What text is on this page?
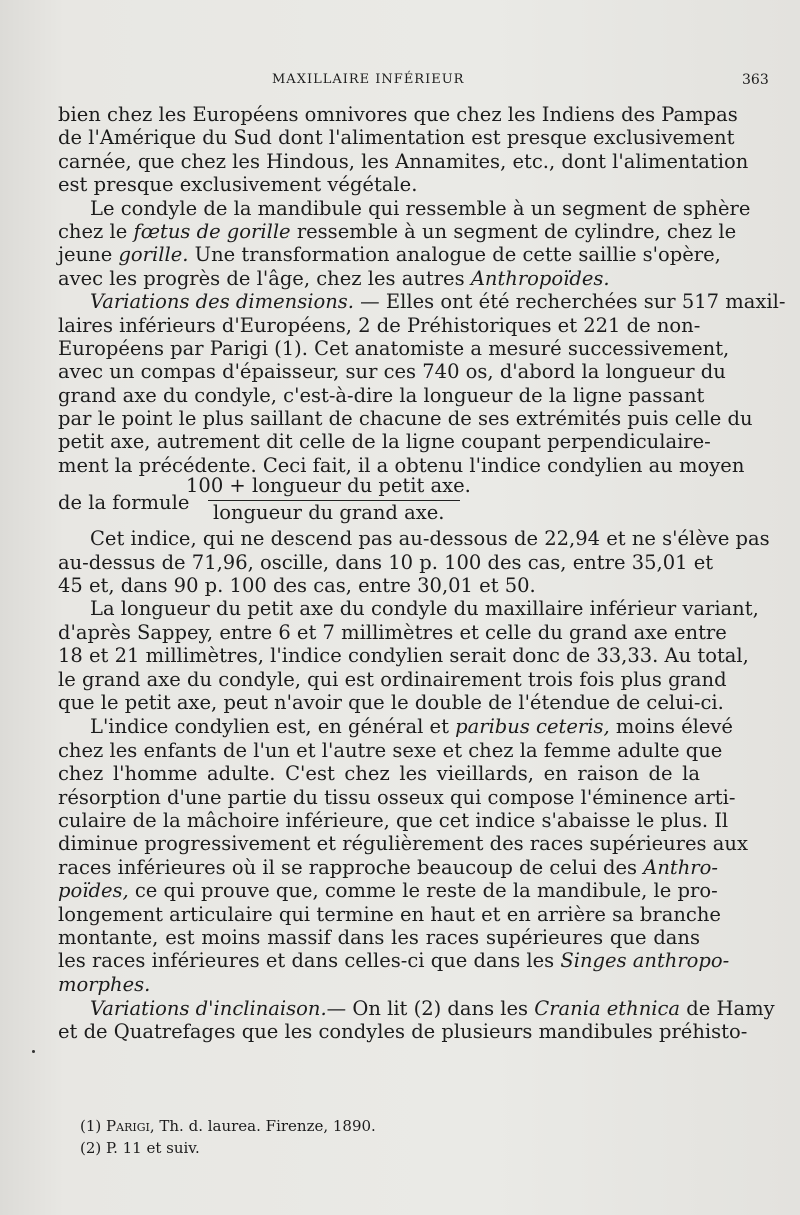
MAXILLAIRE INFÉRIEUR	363
bien chez les Européens omnivores que chez les Indiens des Pampas
de l'Amérique du Sud dont l'alimentation est presque exclusivement
carnée, que chez les Hindous, les Annamites, etc., dont l'alimentation
est presque exclusivement végétale.
Le condyle de la mandibule qui ressemble à un segment de sphère
chez le fœtus de gorille ressemble à un segment de cylindre, chez le
jeune gorille. Une transformation analogue de cette saillie s'opère,
avec les progrès de l'âge, chez les autres Anthropoïdes.
Variations des dimensions. — Elles ont été recherchées sur 517 maxil-
laires inférieurs d'Européens, 2 de Préhistoriques et 221 de non-
Européens par Parigi (1). Cet anatomiste a mesuré successivement,
avec un compas d'épaisseur, sur ces 740 os, d'abord la longueur du
grand axe du condyle, c'est-à-dire la longueur de la ligne passant
par le point le plus saillant de chacune de ses extrémités puis celle du
petit axe, autrement dit celle de la ligne coupant perpendiculaire-
ment la précédente. Ceci fait, il a obtenu l'indice condylien au moyen
de la formule
100 + longueur du petit axe.
longueur du grand axe.
Cet indice, qui ne descend pas au-dessous de 22,94 et ne s'élève pas
au-dessus de 71,96, oscille, dans 10 p. 100 des cas, entre 35,01 et
45 et, dans 90 p. 100 des cas, entre 30,01 et 50.
La longueur du petit axe du condyle du maxillaire inférieur variant,
d'après Sappey, entre 6 et 7 millimètres et celle du grand axe entre
18 et 21 millimètres, l'indice condylien serait donc de 33,33. Au total,
le grand axe du condyle, qui est ordinairement trois fois plus grand
que le petit axe, peut n'avoir que le double de l'étendue de celui-ci.
L'indice condylien est, en général et paribus ceteris, moins élevé
chez les enfants de l'un et l'autre sexe et chez la femme adulte que
chez l'homme adulte. C'est chez les vieillards, en raison de la
résorption d'une partie du tissu osseux qui compose l'éminence arti-
culaire de la mâchoire inférieure, que cet indice s'abaisse le plus. Il
diminue progressivement et régulièrement des races supérieures aux
races inférieures où il se rapproche beaucoup de celui des Anthro-
poïdes, ce qui prouve que, comme le reste de la mandibule, le pro-
longement articulaire qui termine en haut et en arrière sa branche
montante, est moins massif dans les races supérieures que dans
les races inférieures et dans celles-ci que dans les Singes anthropo-
morphes.
Variations d'inclinaison.— On lit (2) dans les Crania ethnica de Hamy
et de Quatrefages que les condyles de plusieurs mandibules préhisto-
(1) Parigi, Th. d. laurea. Firenze, 1890.
(2) P. 11 et suiv.
